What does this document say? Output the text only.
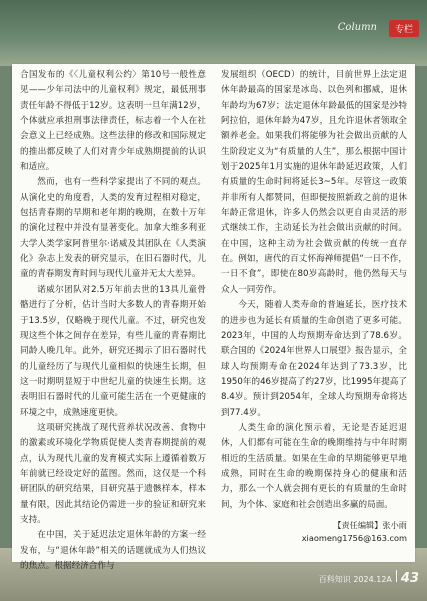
Column	专栏

合国发布的《〈儿童权利公约〉第10号一般性意见——少年司法中的儿童权利》规定，最低刑事责任年龄不得低于12岁。这表明一旦年满12岁，个体就应承担刑事法律责任，标志着一个人在社会意义上已经成熟。这些法律的修改和国际规定的推出都反映了人们对青少年成熟期提前的认识和适应。

然而，也有一些科学家提出了不同的观点。从演化史的角度看，人类的发育过程相对稳定，包括青春期的早期和老年期的晚期，在数十万年的演化过程中并没有显著变化。加拿大维多利亚大学人类学家阿普里尔·诺威及其团队在《人类演化》杂志上发表的研究显示，在旧石器时代，儿童的青春期发育时间与现代儿童并无太大差异。

诺威尔团队对2.5万年前去世的13具儿童骨骼进行了分析，估计当时大多数人的青春期开始于13.5岁，仅略晚于现代儿童。不过，研究也发现这些个体之间存在差异，有些儿童的青春期比同龄人晚几年。此外，研究还揭示了旧石器时代的儿童经历了与现代儿童相似的快速生长期，但这一时期明显短于中世纪儿童的快速生长期。这表明旧石器时代的儿童可能生活在一个更健康的环境之中，成熟速度更快。

这项研究挑战了现代营养状况改善、食物中的激素或环境化学物质促使人类青春期提前的观点，认为现代儿童的发育模式实际上遵循着数万年前就已经设定好的蓝图。然而，这仅是一个科研团队的研究结果，目研究基于遗骸样本，样本量有限，因此其结论仍需进一步的验证和研究来支持。

在中国，关于延迟法定退休年龄的方案一经发布，与“退休年龄”相关的话题就成为人们热议的焦点。根据经济合作与

发展组织（OECD）的统计，目前世界上法定退休年龄最高的国家是冰岛、以色列和挪威，退休年龄均为67岁；法定退休年龄最低的国家是沙特阿拉伯，退休年龄为47岁，且允许退休者领取全额养老金。如果我们将能够为社会做出贡献的人生阶段定义为“有质量的人生”，那么根据中国计划于2025年1月实施的退休年龄延迟政策，人们有质量的生命时间将延长3~5年。尽管这一政策并非所有人都赞同，但即便按照新政之前的退休年龄正常退休，许多人仍然会以更自由灵活的形式继续工作，主动延长为社会做出贡献的时间。在中国，这种主动为社会做贡献的传统一直存在。例如，唐代的百丈怀海禅师提倡“一日不作，一日不食”，即使在80岁高龄时，他仍然每天与众人一同劳作。

今天，随着人类寿命的普遍延长，医疗技术的进步也为延长有质量的生命创造了更多可能。2023年，中国的人均预期寿命达到了78.6岁。联合国的《2024年世界人口展望》报告显示，全球人均预期寿命在2024年达到了73.3岁，比1950年的46岁提高了约27岁，比1995年提高了8.4岁。预计到2054年，全球人均预期寿命将达到77.4岁。

人类生命的演化预示着，无论是否延迟退休，人们都有可能在生命的晚期维持与中年时期相近的生活质量。如果在生命的早期能够更早地成熟，同时在生命的晚期保持身心的健康和活力，那么一个人就会拥有更长的有质量的生命时间，为个体、家庭和社会创造出多赢的局面。

【责任编辑】张小雨
xiaomeng1756@163.com
百科知识 2024.12A 43
